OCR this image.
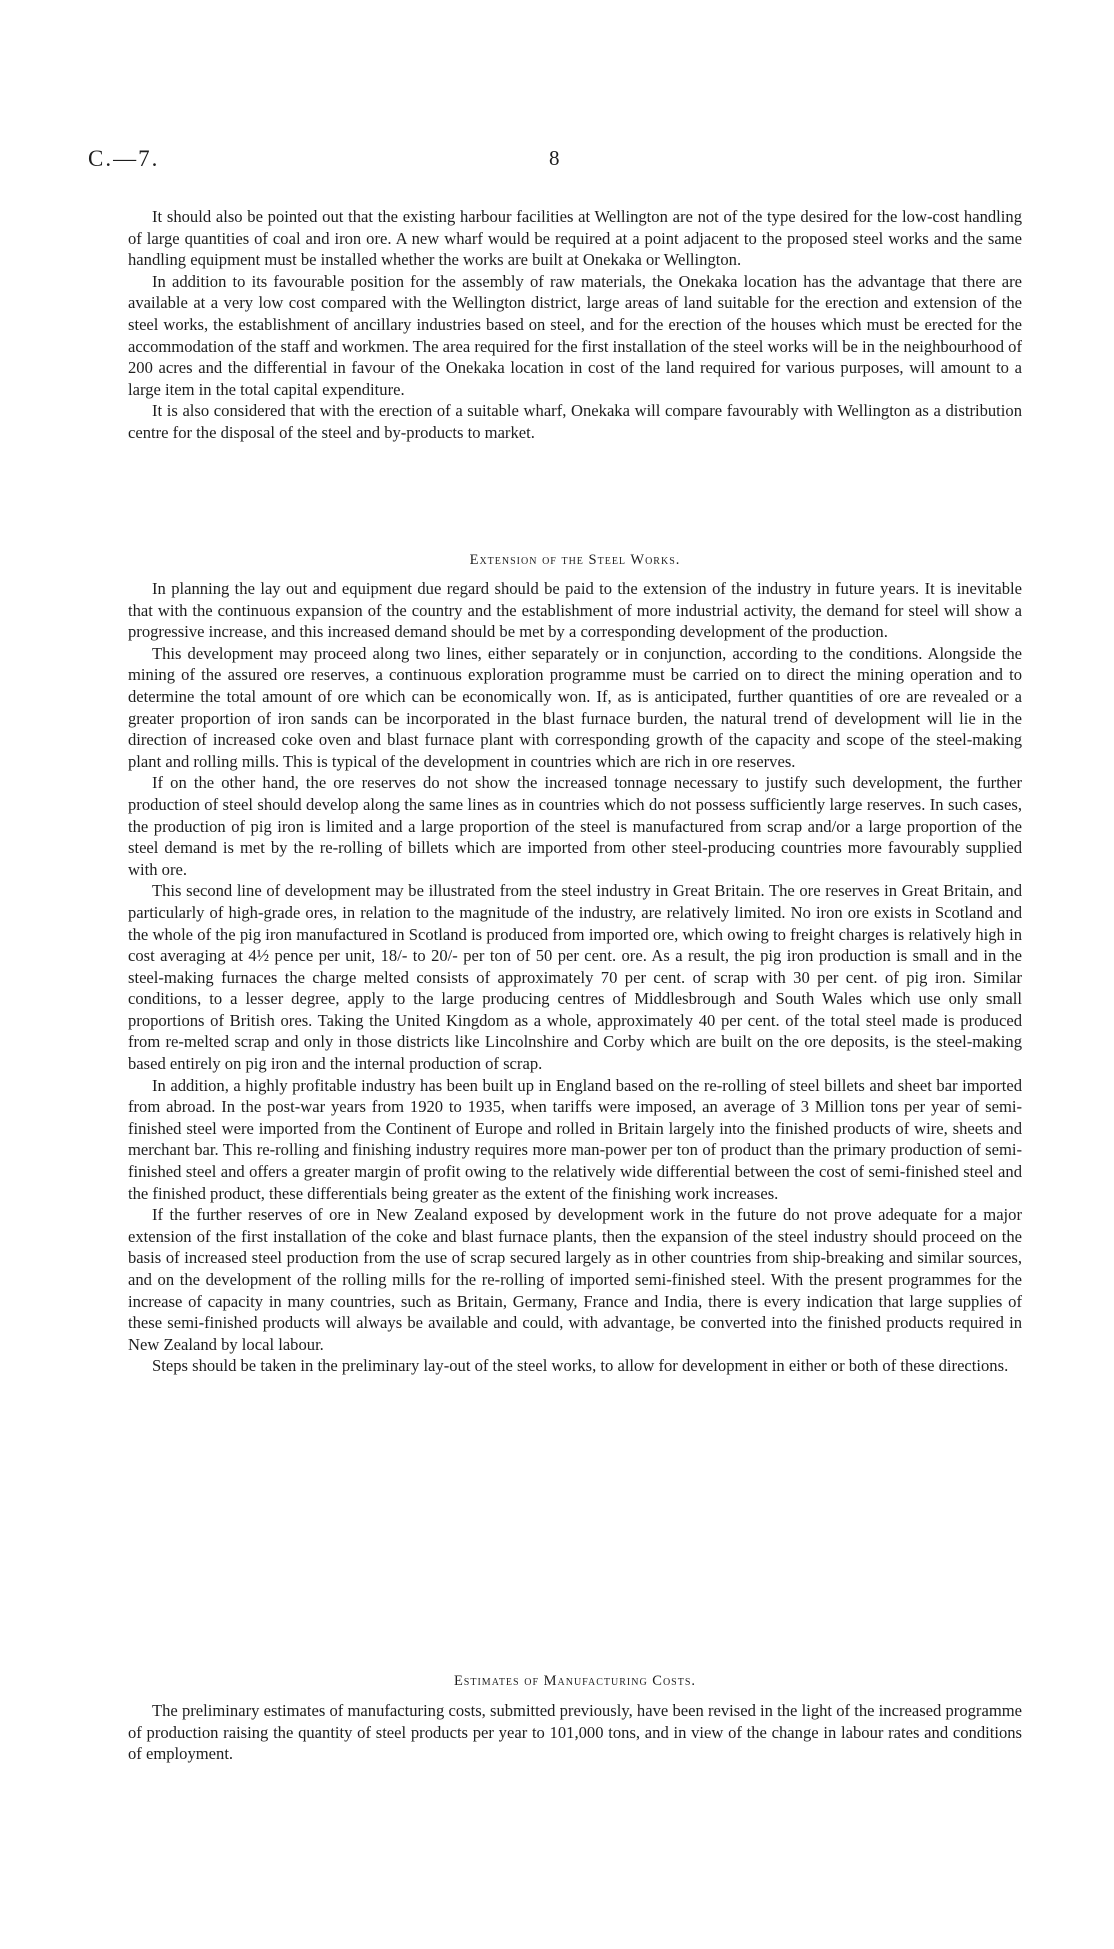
C.—7.	8

It should also be pointed out that the existing harbour facilities at Wellington are not of the type desired for the low-cost handling of large quantities of coal and iron ore. A new wharf would be required at a point adjacent to the proposed steel works and the same handling equipment must be installed whether the works are built at Onekaka or Wellington.

In addition to its favourable position for the assembly of raw materials, the Onekaka location has the advantage that there are available at a very low cost compared with the Wellington district, large areas of land suitable for the erection and extension of the steel works, the establishment of ancillary industries based on steel, and for the erection of the houses which must be erected for the accommodation of the staff and workmen. The area required for the first installation of the steel works will be in the neighbourhood of 200 acres and the differential in favour of the Onekaka location in cost of the land required for various purposes, will amount to a large item in the total capital expenditure.

It is also considered that with the erection of a suitable wharf, Onekaka will compare favourably with Wellington as a distribution centre for the disposal of the steel and by-products to market.

Extension of the Steel Works.

In planning the lay out and equipment due regard should be paid to the extension of the industry in future years. It is inevitable that with the continuous expansion of the country and the establishment of more industrial activity, the demand for steel will show a progressive increase, and this increased demand should be met by a corresponding development of the production.

This development may proceed along two lines, either separately or in conjunction, according to the conditions. Alongside the mining of the assured ore reserves, a continuous exploration programme must be carried on to direct the mining operation and to determine the total amount of ore which can be economically won. If, as is anticipated, further quantities of ore are revealed or a greater proportion of iron sands can be incorporated in the blast furnace burden, the natural trend of development will lie in the direction of increased coke oven and blast furnace plant with corresponding growth of the capacity and scope of the steel-making plant and rolling mills. This is typical of the development in countries which are rich in ore reserves.

If on the other hand, the ore reserves do not show the increased tonnage necessary to justify such development, the further production of steel should develop along the same lines as in countries which do not possess sufficiently large reserves. In such cases, the production of pig iron is limited and a large proportion of the steel is manufactured from scrap and/or a large proportion of the steel demand is met by the re-rolling of billets which are imported from other steel-producing countries more favourably supplied with ore.

This second line of development may be illustrated from the steel industry in Great Britain. The ore reserves in Great Britain, and particularly of high-grade ores, in relation to the magnitude of the industry, are relatively limited. No iron ore exists in Scotland and the whole of the pig iron manufactured in Scotland is produced from imported ore, which owing to freight charges is relatively high in cost averaging at 4½ pence per unit, 18/- to 20/- per ton of 50 per cent. ore. As a result, the pig iron production is small and in the steel-making furnaces the charge melted consists of approximately 70 per cent. of scrap with 30 per cent. of pig iron. Similar conditions, to a lesser degree, apply to the large producing centres of Middlesbrough and South Wales which use only small proportions of British ores. Taking the United Kingdom as a whole, approximately 40 per cent. of the total steel made is produced from re-melted scrap and only in those districts like Lincolnshire and Corby which are built on the ore deposits, is the steel-making based entirely on pig iron and the internal production of scrap.

In addition, a highly profitable industry has been built up in England based on the re-rolling of steel billets and sheet bar imported from abroad. In the post-war years from 1920 to 1935, when tariffs were imposed, an average of 3 Million tons per year of semi-finished steel were imported from the Continent of Europe and rolled in Britain largely into the finished products of wire, sheets and merchant bar. This re-rolling and finishing industry requires more man-power per ton of product than the primary production of semi-finished steel and offers a greater margin of profit owing to the relatively wide differential between the cost of semi-finished steel and the finished product, these differentials being greater as the extent of the finishing work increases.

If the further reserves of ore in New Zealand exposed by development work in the future do not prove adequate for a major extension of the first installation of the coke and blast furnace plants, then the expansion of the steel industry should proceed on the basis of increased steel production from the use of scrap secured largely as in other countries from ship-breaking and similar sources, and on the development of the rolling mills for the re-rolling of imported semi-finished steel. With the present programmes for the increase of capacity in many countries, such as Britain, Germany, France and India, there is every indication that large supplies of these semi-finished products will always be available and could, with advantage, be converted into the finished products required in New Zealand by local labour.

Steps should be taken in the preliminary lay-out of the steel works, to allow for development in either or both of these directions.

Estimates of Manufacturing Costs.

The preliminary estimates of manufacturing costs, submitted previously, have been revised in the light of the increased programme of production raising the quantity of steel products per year to 101,000 tons, and in view of the change in labour rates and conditions of employment.
